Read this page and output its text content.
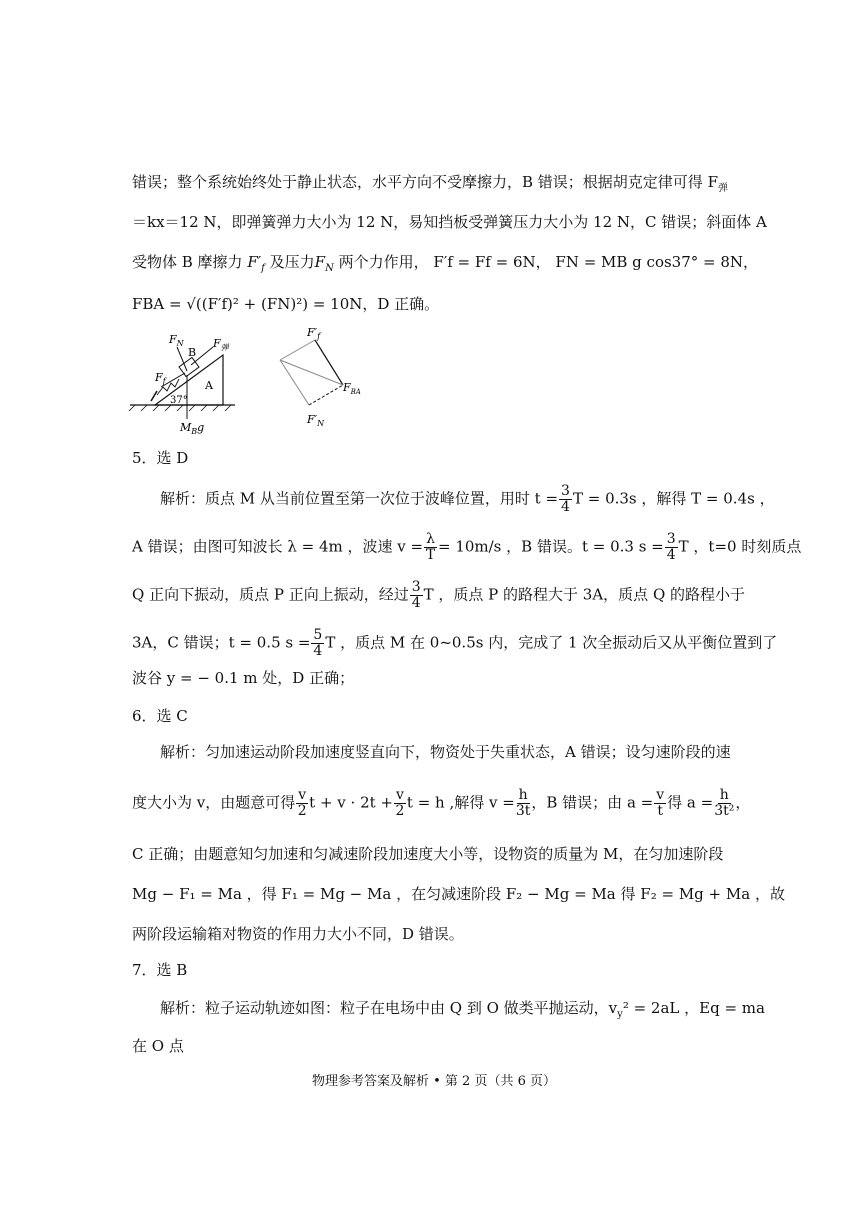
错误；整个系统始终处于静止状态，水平方向不受摩擦力，B 错误；根据胡克定律可得 $F_弹$
＝kx＝12 N，即弹簧弹力大小为 12 N，易知挡板受弹簧压力大小为 12 N，C 错误；斜面体 A
受物体 B 摩擦力 $F'_f$ 及压力$F_N$ 两个力作用， F′f = Ff = 6N， FN = MB g cos37° = 8N，
FBA = √((F′f)² + (FN)²) = 10N，D 正确。
$F_N$	$F_弹$
B
A
$F_f$
37°
$M_Bg$
$F'_f$
$F_{BA}$
$F'_N$
5．选 D
解析：质点 M 从当前位置至第一次位于波峰位置，用时 $t = \frac{3}{4}$ T = 0.3s ，解得 T = 0.4s ，
A 错误；由图可知波长 λ = 4m ，波速 $v = \frac{\lambda}{T} = 10m/s$ ，B 错误。t = 0.3 $s = \frac{3}{4}$ T ，t=0 时刻质点
Q 正向下振动，质点 P 正向上振动，经过 $\frac{3}{4}$ T ，质点 P 的路程大于 3A，质点 Q 的路程小于
3A，C 错误；t = 0.5 $s = \frac{5}{4}$ T ，质点 M 在 0~0.5s 内，完成了 1 次全振动后又从平衡位置到了
波谷 y = − 0.1 m 处，D 正确；
6．选 C
解析：匀加速运动阶段加速度竖直向下，物资处于失重状态，A 错误；设匀速阶段的速
度大小为 v，由题意可得 $\frac{v}{2}$ $t + v \cdot 2t + \frac{v}{2}$ t = h ,解得 $v = \frac{h}{3t}$ ，B 错误；由 $a = \frac{v}{t}$ 得 $a = \frac{h}{\text{3t²}}$ ，
C 正确；由题意知匀加速和匀减速阶段加速度大小等，设物资的质量为 M，在匀加速阶段
Mg − F₁ = Ma ，得 F₁ = Mg − Ma ，在匀减速阶段 F₂ − Mg = Ma 得 F₂ = Mg + Ma ，故
两阶段运输箱对物资的作用力大小不同，D 错误。
7．选 B
解析：粒子运动轨迹如图：粒子在电场中由 Q 到 O 做类平抛运动，$v_y^2 = 2aL$ ，Eq = ma
在 O 点
物理参考答案及解析 • 第 2 页（共 6 页）
